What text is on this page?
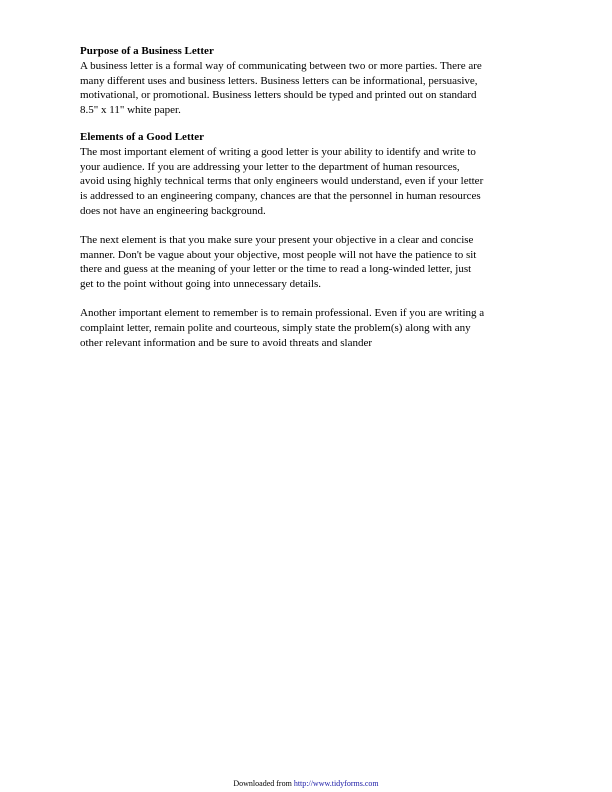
Purpose of a Business Letter
A business letter is a formal way of communicating between two or more parties. There are
many different uses and business letters. Business letters can be informational, persuasive,
motivational, or promotional. Business letters should be typed and printed out on standard
8.5" x 11" white paper.
Elements of a Good Letter
The most important element of writing a good letter is your ability to identify and write to
your audience. If you are addressing your letter to the department of human resources,
avoid using highly technical terms that only engineers would understand, even if your letter
is addressed to an engineering company, chances are that the personnel in human resources
does not have an engineering background.
The next element is that you make sure your present your objective in a clear and concise
manner. Don't be vague about your objective, most people will not have the patience to sit
there and guess at the meaning of your letter or the time to read a long-winded letter, just
get to the point without going into unnecessary details.
Another important element to remember is to remain professional. Even if you are writing a
complaint letter, remain polite and courteous, simply state the problem(s) along with any
other relevant information and be sure to avoid threats and slander
Downloaded from http://www.tidyforms.com
